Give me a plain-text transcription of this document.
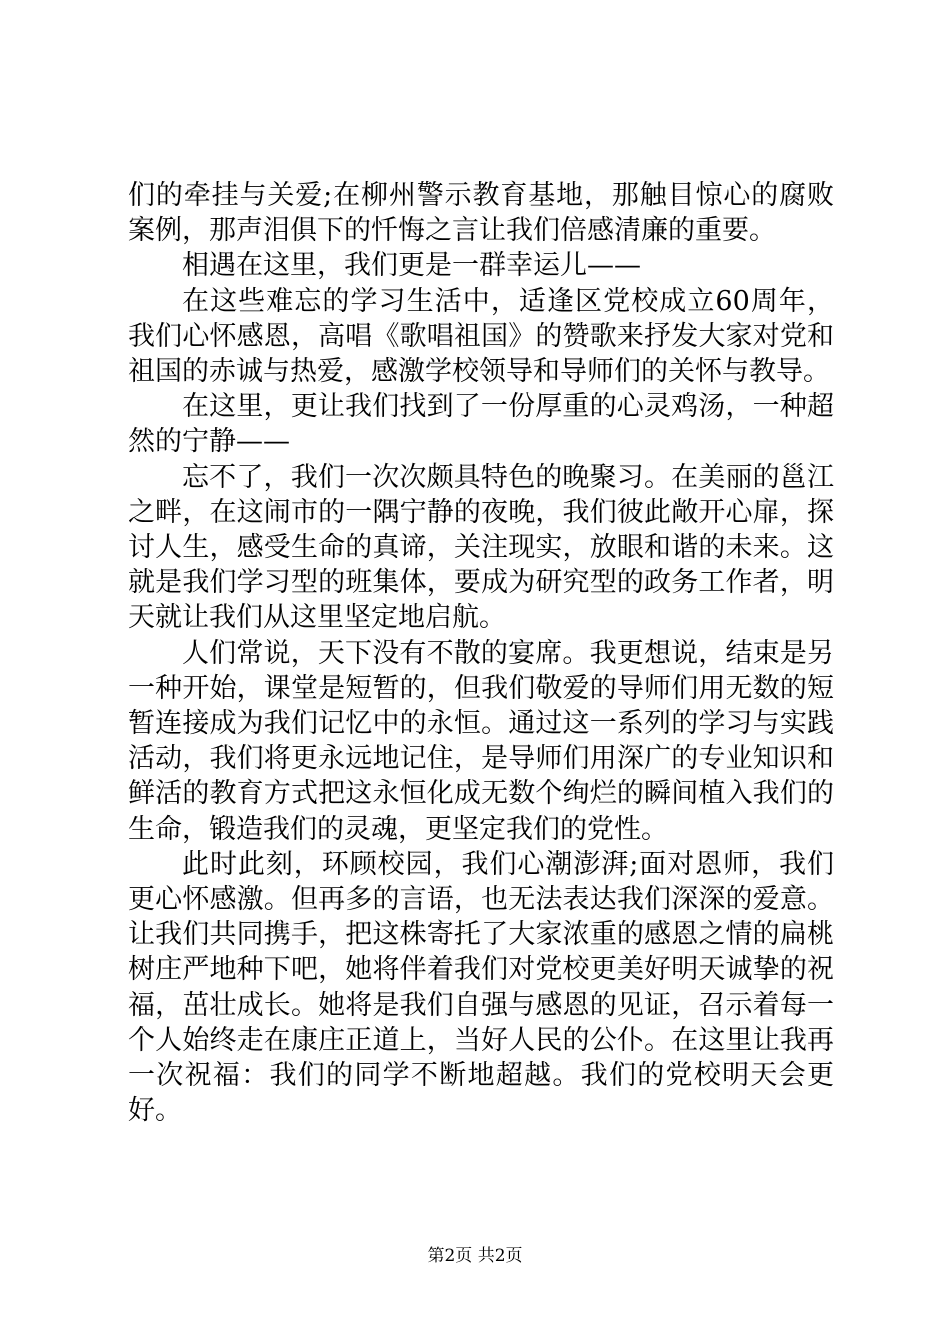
们的牵挂与关爱;在柳州警示教育基地，那触目惊心的腐败案例，那声泪俱下的忏悔之言让我们倍感清廉的重要。

相遇在这里，我们更是一群幸运儿——

在这些难忘的学习生活中，适逢区党校成立60周年，我们心怀感恩，高唱《歌唱祖国》的赞歌来抒发大家对党和祖国的赤诚与热爱，感激学校领导和导师们的关怀与教导。

在这里，更让我们找到了一份厚重的心灵鸡汤，一种超然的宁静——

忘不了，我们一次次颇具特色的晚聚习。在美丽的邕江之畔，在这闹市的一隅宁静的夜晚，我们彼此敞开心扉，探讨人生，感受生命的真谛，关注现实，放眼和谐的未来。这就是我们学习型的班集体，要成为研究型的政务工作者，明天就让我们从这里坚定地启航。

人们常说，天下没有不散的宴席。我更想说，结束是另一种开始，课堂是短暂的，但我们敬爱的导师们用无数的短暂连接成为我们记忆中的永恒。通过这一系列的学习与实践活动，我们将更永远地记住，是导师们用深广的专业知识和鲜活的教育方式把这永恒化成无数个绚烂的瞬间植入我们的生命，锻造我们的灵魂，更坚定我们的党性。

此时此刻，环顾校园，我们心潮澎湃;面对恩师，我们更心怀感激。但再多的言语，也无法表达我们深深的爱意。让我们共同携手，把这株寄托了大家浓重的感恩之情的扁桃树庄严地种下吧，她将伴着我们对党校更美好明天诚挚的祝福，茁壮成长。她将是我们自强与感恩的见证，召示着每一个人始终走在康庄正道上，当好人民的公仆。在这里让我再一次祝福：我们的同学不断地超越。我们的党校明天会更好。

第2页 共2页
